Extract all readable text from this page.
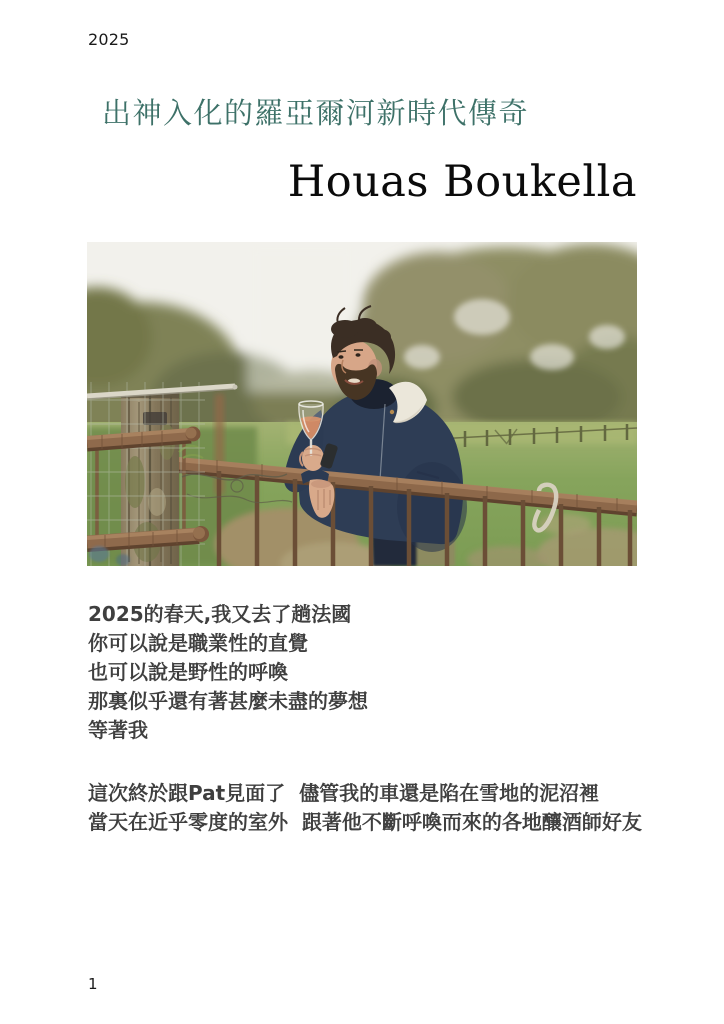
2025
出神入化的羅亞爾河新時代傳奇
Houas Boukella
2025的春天,我又去了趟法國
你可以說是職業性的直覺
也可以說是野性的呼喚
那裏似乎還有著甚麼未盡的夢想
等著我
這次終於跟Pat見面了  儘管我的車還是陷在雪地的泥沼裡
當天在近乎零度的室外  跟著他不斷呼喚而來的各地釀酒師好友
1
